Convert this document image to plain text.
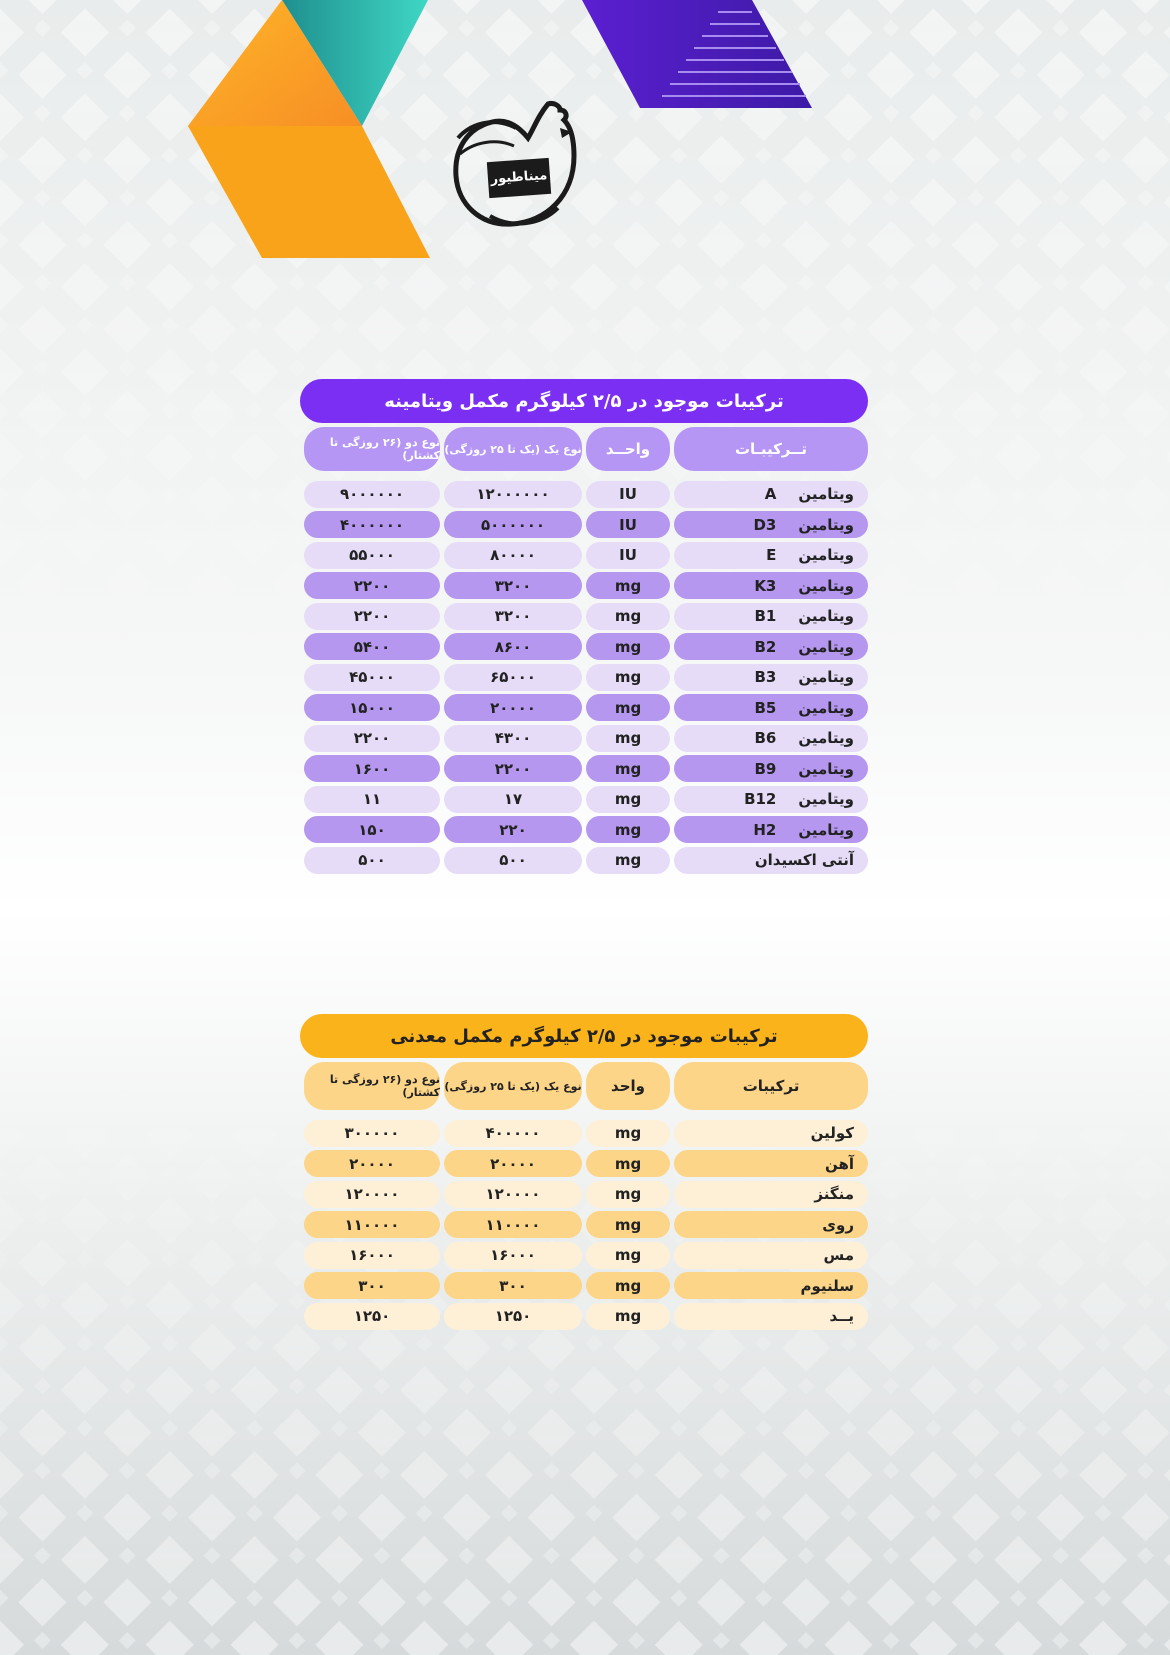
میناطیور
ترکیبات موجود در ۲/۵ کیلوگرم مکمل ویتامینه
تــرکیبـات
واحــد
نوع یک (یک تا ۲۵ روزگی)
نوع دو (۲۶ روزگی تا کشتار)
ویتامین
A
IU
۱۲۰۰۰۰۰۰
۹۰۰۰۰۰۰
ویتامین
D3
IU
۵۰۰۰۰۰۰
۴۰۰۰۰۰۰
ویتامین
E
IU
۸۰۰۰۰
۵۵۰۰۰
ویتامین
K3
mg
۳۲۰۰
۲۲۰۰
ویتامین
B1
mg
۳۲۰۰
۲۲۰۰
ویتامین
B2
mg
۸۶۰۰
۵۴۰۰
ویتامین
B3
mg
۶۵۰۰۰
۴۵۰۰۰
ویتامین
B5
mg
۲۰۰۰۰
۱۵۰۰۰
ویتامین
B6
mg
۴۳۰۰
۲۲۰۰
ویتامین
B9
mg
۲۲۰۰
۱۶۰۰
ویتامین
B12
mg
۱۷
۱۱
ویتامین
H2
mg
۲۲۰
۱۵۰
آنتی اکسیدان
mg
۵۰۰
۵۰۰
ترکیبات موجود در ۲/۵ کیلوگرم مکمل معدنی
ترکیبات
واحد
نوع یک (یک تا ۲۵ روزگی)
نوع دو (۲۶ روزگی تا کشتار)
کولین
mg
۴۰۰۰۰۰
۳۰۰۰۰۰
آهن
mg
۲۰۰۰۰
۲۰۰۰۰
منگنز
mg
۱۲۰۰۰۰
۱۲۰۰۰۰
روی
mg
۱۱۰۰۰۰
۱۱۰۰۰۰
مس
mg
۱۶۰۰۰
۱۶۰۰۰
سلنیوم
mg
۳۰۰
۳۰۰
یــد
mg
۱۲۵۰
۱۲۵۰
